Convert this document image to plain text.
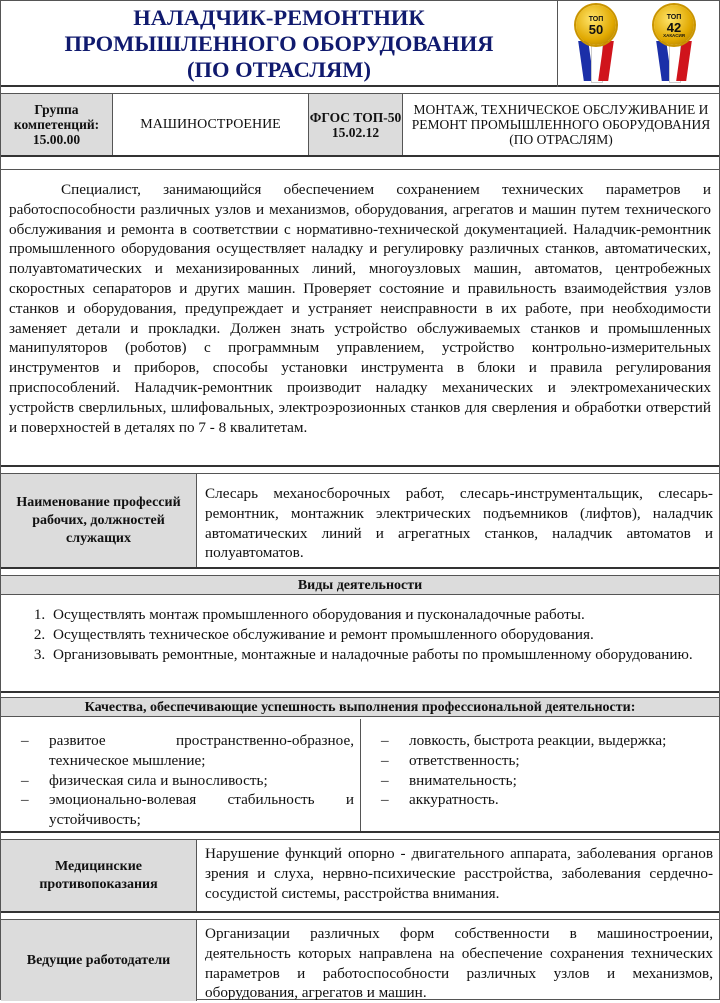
НАЛАДЧИК-РЕМОНТНИК
ПРОМЫШЛЕННОГО ОБОРУДОВАНИЯ
(ПО ОТРАСЛЯМ)
ТОП
50
ТОП
42
ХАКАСИЯ
Группа компетенций: 15.00.00
МАШИНОСТРОЕНИЕ	ФГОС ТОП-50 15.02.12
МОНТАЖ, ТЕХНИЧЕСКОЕ ОБСЛУЖИВАНИЕ И РЕМОНТ ПРОМЫШЛЕННОГО ОБОРУДОВАНИЯ (ПО ОТРАСЛЯМ)
Специалист, занимающийся обеспечением сохранением технических параметров и работоспособности различных узлов и механизмов, оборудования, агрегатов и машин путем технического обслуживания и ремонта в соответствии с нормативно-технической документацией. Наладчик-ремонтник промышленного оборудования осуществляет наладку и регулировку различных станков, автоматических, полуавтоматических и механизированных линий, многоузловых машин, автоматов, центробежных скоростных сепараторов и других машин. Проверяет состояние и правильность взаимодействия узлов станков и оборудования, предупреждает и устраняет неисправности в их работе, при необходимости заменяет детали и прокладки. Должен знать устройство обслуживаемых станков и промышленных манипуляторов (роботов) с программным управлением, устройство контрольно-измерительных инструментов и приборов, способы установки инструмента в блоки и правила регулирования приспособлений. Наладчик-ремонтник производит наладку механических и электромеханических устройств сверлильных, шлифовальных, электроэрозионных станков для сверления и обработки отверстий и поверхностей в деталях по 7 - 8 квалитетам.
Наименование профессий рабочих, должностей служащих
Слесарь механосборочных работ, слесарь-инструментальщик, слесарь-ремонтник, монтажник электрических подъемников (лифтов), наладчик автоматических линий и агрегатных станков, наладчик автоматов и полуавтоматов.
Виды деятельности
1. Осуществлять монтаж промышленного оборудования и пусконаладочные работы.
2. Осуществлять техническое обслуживание и ремонт промышленного оборудования.
3. Организовывать ремонтные, монтажные и наладочные работы по промышленному оборудованию.
Качества, обеспечивающие успешность выполнения профессиональной деятельности:
– развитое пространственно-образное, техническое мышление;
– физическая сила и выносливость;
– эмоционально-волевая стабильность и устойчивость;
– ловкость, быстрота реакции, выдержка;
– ответственность;
– внимательность;
– аккуратность.
Медицинские противопоказания
Нарушение функций опорно - двигательного аппарата, заболевания органов зрения и слуха, нервно-психические расстройства, заболевания сердечно-сосудистой системы, расстройства внимания.
Ведущие работодатели
Организации различных форм собственности в машиностроении, деятельность которых направлена на обеспечение сохранения технических параметров и работоспособности различных узлов и механизмов, оборудования, агрегатов и машин.
